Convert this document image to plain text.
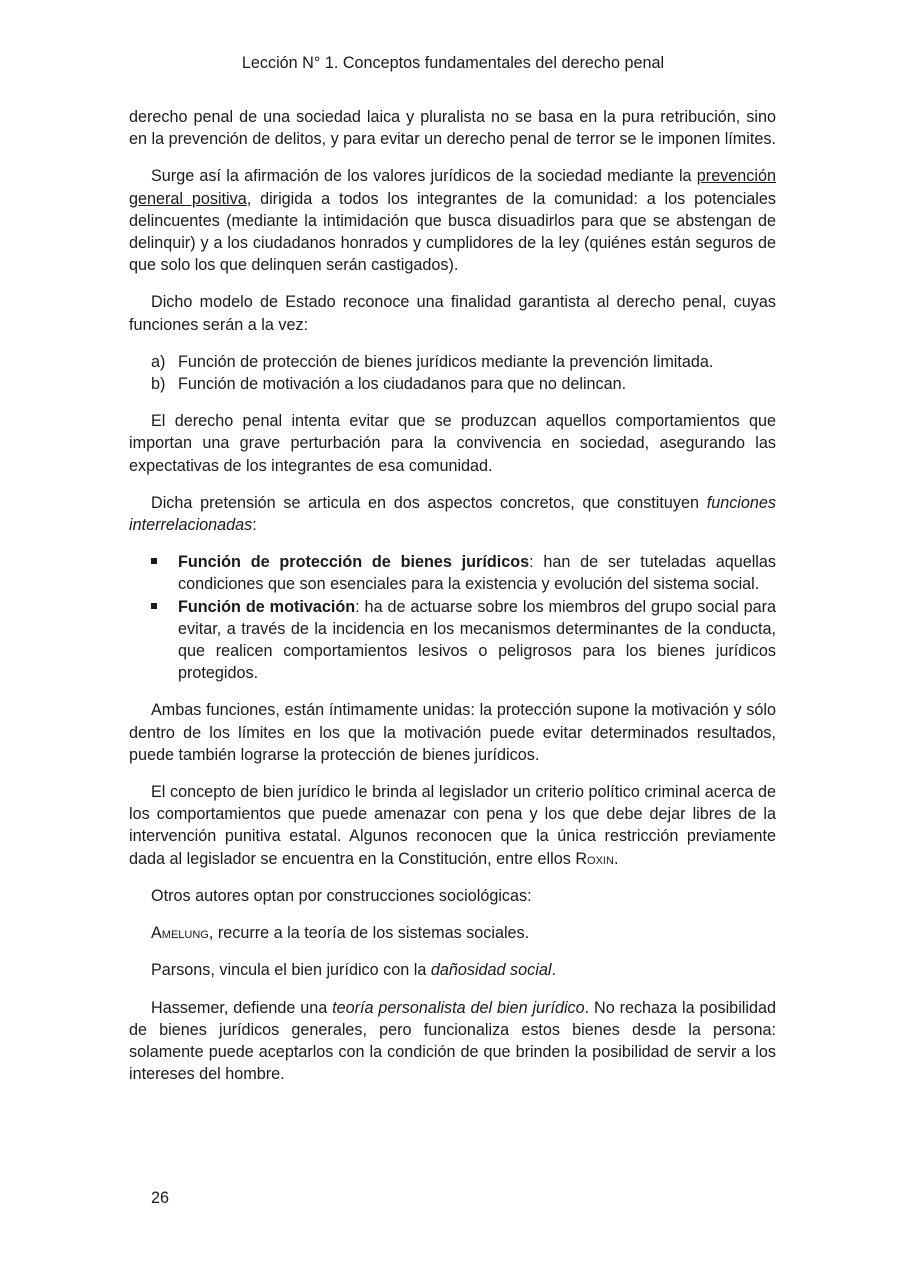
Lección N° 1. Conceptos fundamentales del derecho penal

derecho penal de una sociedad laica y pluralista no se basa en la pura retribución, sino en la prevención de delitos, y para evitar un derecho penal de terror se le imponen límites.

Surge así la afirmación de los valores jurídicos de la sociedad mediante la prevención general positiva, dirigida a todos los integrantes de la comunidad: a los potenciales delincuentes (mediante la intimidación que busca disuadirlos para que se abstengan de delinquir) y a los ciudadanos honrados y cumplidores de la ley (quiénes están seguros de que solo los que delinquen serán castigados).

Dicho modelo de Estado reconoce una finalidad garantista al derecho penal, cuyas funciones serán a la vez:

a) Función de protección de bienes jurídicos mediante la prevención limitada.
b) Función de motivación a los ciudadanos para que no delincan.

El derecho penal intenta evitar que se produzcan aquellos comportamientos que importan una grave perturbación para la convivencia en sociedad, asegurando las expectativas de los integrantes de esa comunidad.

Dicha pretensión se articula en dos aspectos concretos, que constituyen funciones interrelacionadas:

Función de protección de bienes jurídicos: han de ser tuteladas aquellas condiciones que son esenciales para la existencia y evolución del sistema social.
Función de motivación: ha de actuarse sobre los miembros del grupo social para evitar, a través de la incidencia en los mecanismos determinantes de la conducta, que realicen comportamientos lesivos o peligrosos para los bienes jurídicos protegidos.

Ambas funciones, están íntimamente unidas: la protección supone la motivación y sólo dentro de los límites en los que la motivación puede evitar determinados resultados, puede también lograrse la protección de bienes jurídicos.

El concepto de bien jurídico le brinda al legislador un criterio político criminal acerca de los comportamientos que puede amenazar con pena y los que debe dejar libres de la intervención punitiva estatal. Algunos reconocen que la única restricción previamente dada al legislador se encuentra en la Constitución, entre ellos Roxin.

Otros autores optan por construcciones sociológicas:

Amelung, recurre a la teoría de los sistemas sociales.

Parsons, vincula el bien jurídico con la dañosidad social.

Hassemer, defiende una teoría personalista del bien jurídico. No rechaza la posibilidad de bienes jurídicos generales, pero funcionaliza estos bienes desde la persona: solamente puede aceptarlos con la condición de que brinden la posibilidad de servir a los intereses del hombre.

26
